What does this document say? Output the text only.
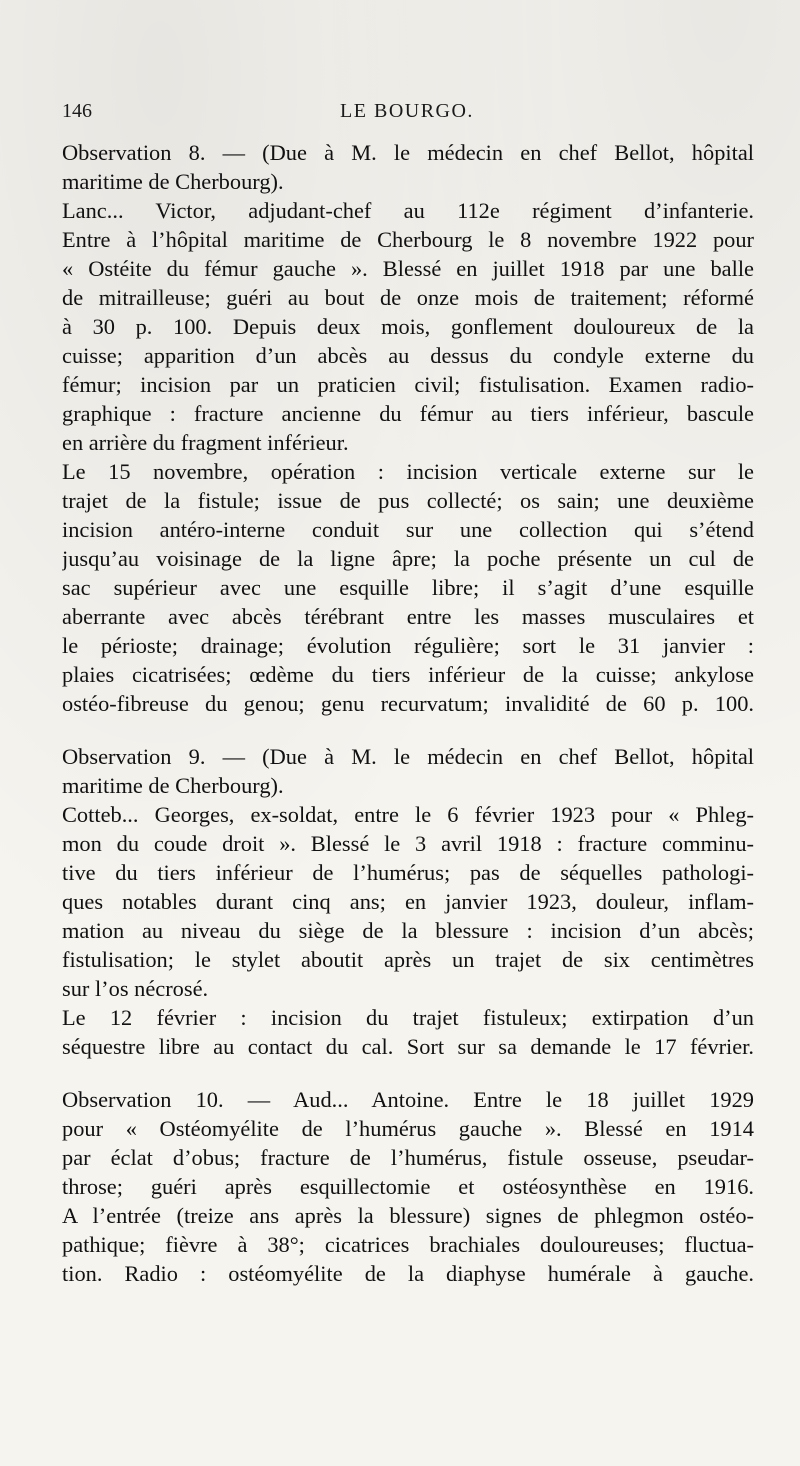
146	LE BOURGO.
Observation 8. — (Due à M. le médecin en chef Bellot, hôpital
maritime de Cherbourg).
Lanc... Victor, adjudant-chef au 112e régiment d’infanterie.
Entre à l’hôpital maritime de Cherbourg le 8 novembre 1922 pour
« Ostéite du fémur gauche ». Blessé en juillet 1918 par une balle
de mitrailleuse; guéri au bout de onze mois de traitement; réformé
à 30 p. 100. Depuis deux mois, gonflement douloureux de la
cuisse; apparition d’un abcès au dessus du condyle externe du
fémur; incision par un praticien civil; fistulisation. Examen radio-
graphique : fracture ancienne du fémur au tiers inférieur, bascule
en arrière du fragment inférieur.
Le 15 novembre, opération : incision verticale externe sur le
trajet de la fistule; issue de pus collecté; os sain; une deuxième
incision antéro-interne conduit sur une collection qui s’étend
jusqu’au voisinage de la ligne âpre; la poche présente un cul de
sac supérieur avec une esquille libre; il s’agit d’une esquille
aberrante avec abcès térébrant entre les masses musculaires et
le périoste; drainage; évolution régulière; sort le 31 janvier :
plaies cicatrisées; œdème du tiers inférieur de la cuisse; ankylose
ostéo-fibreuse du genou; genu recurvatum; invalidité de 60 p. 100.
Observation 9. — (Due à M. le médecin en chef Bellot, hôpital
maritime de Cherbourg).
Cotteb... Georges, ex-soldat, entre le 6 février 1923 pour « Phleg-
mon du coude droit ». Blessé le 3 avril 1918 : fracture comminu-
tive du tiers inférieur de l’humérus; pas de séquelles pathologi-
ques notables durant cinq ans; en janvier 1923, douleur, inflam-
mation au niveau du siège de la blessure : incision d’un abcès;
fistulisation; le stylet aboutit après un trajet de six centimètres
sur l’os nécrosé.
Le 12 février : incision du trajet fistuleux; extirpation d’un
séquestre libre au contact du cal. Sort sur sa demande le 17 février.
Observation 10. — Aud... Antoine. Entre le 18 juillet 1929
pour « Ostéomyélite de l’humérus gauche ». Blessé en 1914
par éclat d’obus; fracture de l’humérus, fistule osseuse, pseudar-
throse; guéri après esquillectomie et ostéosynthèse en 1916.
A l’entrée (treize ans après la blessure) signes de phlegmon ostéo-
pathique; fièvre à 38°; cicatrices brachiales douloureuses; fluctua-
tion. Radio : ostéomyélite de la diaphyse humérale à gauche.
